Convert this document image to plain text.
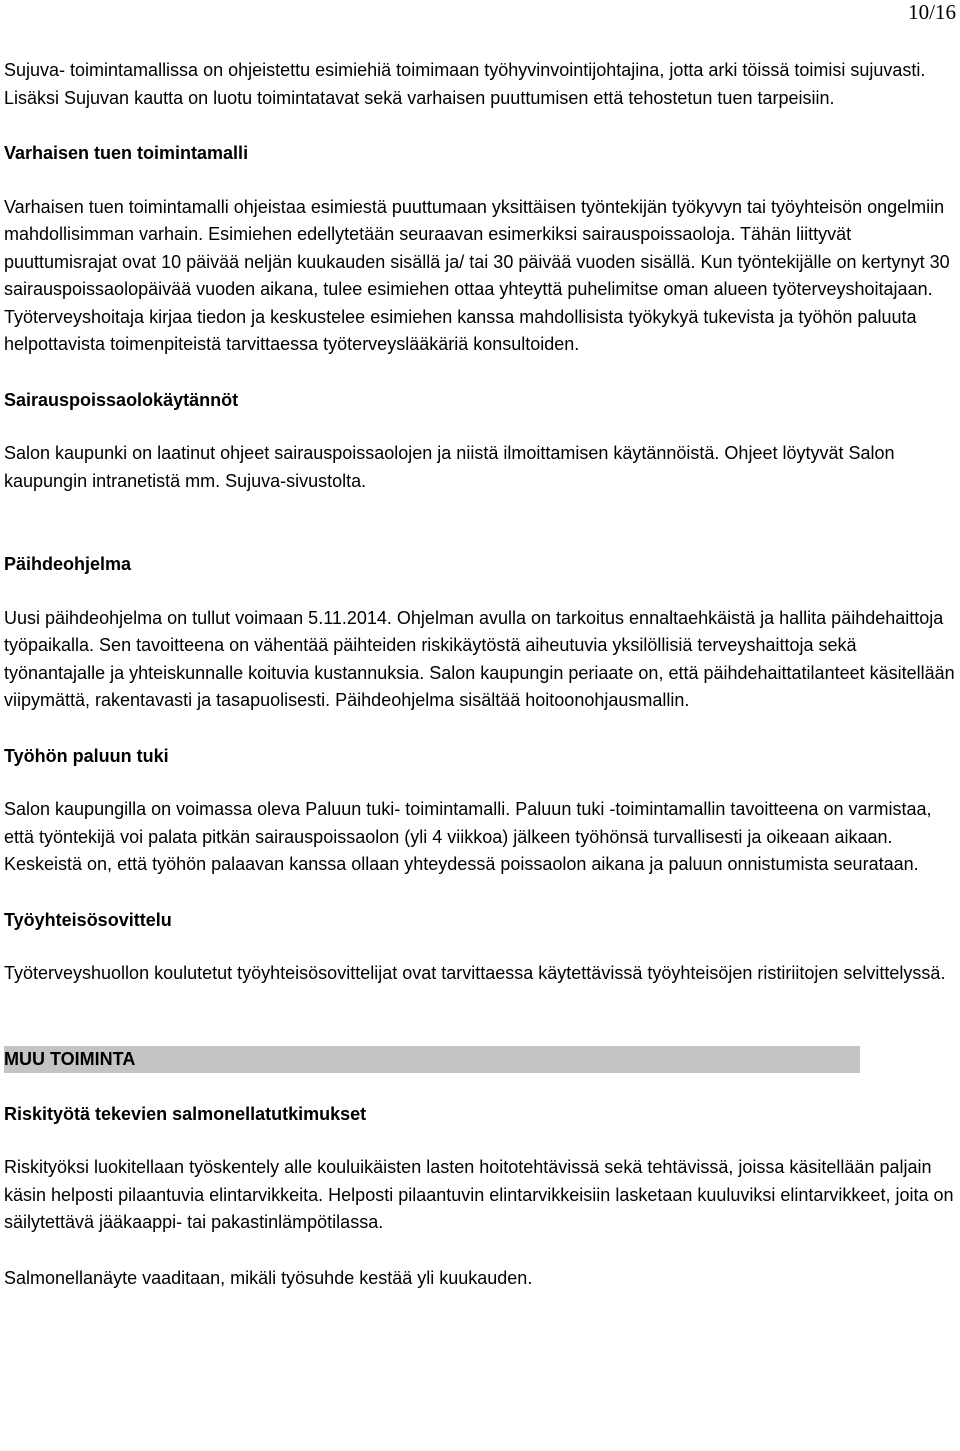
10/16

Sujuva- toimintamallissa on ohjeistettu esimiehiä toimimaan työhyvinvointijohtajina, jotta arki töissä toimisi sujuvasti. Lisäksi Sujuvan kautta on luotu toimintatavat sekä varhaisen puuttumisen että tehostetun tuen tarpeisiin.

Varhaisen tuen toimintamalli

Varhaisen tuen toimintamalli ohjeistaa esimiestä puuttumaan yksittäisen työntekijän työkyvyn tai työyhteisön ongelmiin mahdollisimman varhain. Esimiehen edellytetään seuraavan esimerkiksi sairauspoissaoloja. Tähän liittyvät puuttumisrajat ovat 10 päivää neljän kuukauden sisällä ja/ tai 30 päivää vuoden sisällä. Kun työntekijälle on kertynyt 30 sairauspoissaolopäivää vuoden aikana, tulee esimiehen ottaa yhteyttä puhelimitse oman alueen työterveyshoitajaan. Työterveyshoitaja kirjaa tiedon ja keskustelee esimiehen kanssa mahdollisista työkykyä tukevista ja työhön paluuta helpottavista toimenpiteistä tarvittaessa työterveyslääkäriä konsultoiden.

Sairauspoissaolokäytännöt

Salon kaupunki on laatinut ohjeet sairauspoissaolojen ja niistä ilmoittamisen käytännöistä. Ohjeet löytyvät Salon kaupungin intranetistä mm. Sujuva-sivustolta.

Päihdeohjelma

Uusi päihdeohjelma on tullut voimaan 5.11.2014. Ohjelman avulla on tarkoitus ennaltaehkäistä ja hallita päihdehaittoja työpaikalla. Sen tavoitteena on vähentää päihteiden riskikäytöstä aiheutuvia yksilöllisiä terveyshaittoja sekä työnantajalle ja yhteiskunnalle koituvia kustannuksia. Salon kaupungin periaate on, että päihdehaittatilanteet käsitellään viipymättä, rakentavasti ja tasapuolisesti. Päihdeohjelma sisältää hoitoonohjausmallin.

Työhön paluun tuki

Salon kaupungilla on voimassa oleva Paluun tuki- toimintamalli. Paluun tuki -toimintamallin tavoitteena on varmistaa, että työntekijä voi palata pitkän sairauspoissaolon (yli 4 viikkoa) jälkeen työhönsä turvallisesti ja oikeaan aikaan. Keskeistä on, että työhön palaavan kanssa ollaan yhteydessä poissaolon aikana ja paluun onnistumista seurataan.

Työyhteisösovittelu

Työterveyshuollon koulutetut työyhteisösovittelijat ovat tarvittaessa käytettävissä työyhteisöjen ristiriitojen selvittelyssä.

MUU TOIMINTA
Riskityötä tekevien salmonellatutkimukset

Riskityöksi luokitellaan työskentely alle kouluikäisten lasten hoitotehtävissä sekä tehtävissä, joissa käsitellään paljain käsin helposti pilaantuvia elintarvikkeita. Helposti pilaantuvin elintarvikkeisiin lasketaan kuuluviksi elintarvikkeet, joita on säilytettävä jääkaappi- tai pakastinlämpötilassa.

Salmonellanäyte vaaditaan, mikäli työsuhde kestää yli kuukauden.
